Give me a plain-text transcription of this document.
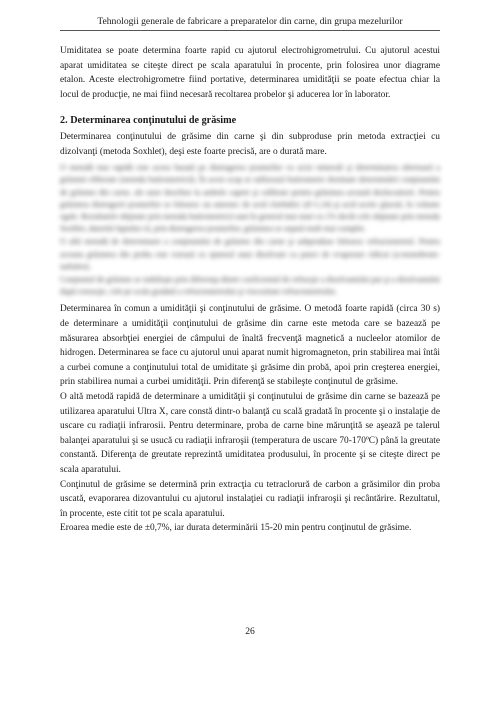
Tehnologii generale de fabricare a preparatelor din carne, din grupa mezelurilor

Umiditatea se poate determina foarte rapid cu ajutorul electrohigrometrului. Cu ajutorul acestui aparat umiditatea se citeşte direct pe scala aparatului în procente, prin folosirea unor diagrame etalon. Aceste electrohigrometre fiind portative, determinarea umidităţii se poate efectua chiar la locul de producţie, ne mai fiind necesară recoltarea probelor şi aducerea lor în laborator.

2. Determinarea conţinutului de grăsime

Determinarea conţinutului de grăsime din carne şi din subproduse prin metoda extracţiei cu dizolvanţi (metoda Soxhlet), deşi este foarte precisă, are o durată mare.

O metodă mai rapidă este aceea bazată pe distrugerea ţesuturilor cu acizi minerali şi determinarea ulterioară a grăsimii eliberate (metoda butirometrică). În acest scop se utilizează butirometre destinate determinării conţinutului de grăsime din carne, ale unor deschise la ambele capete şi calibrate pentru grăsimea această dezlocuitorii. Pentru grăsimea distrugerii ţesuturilor se folosesc un amestec de acid clorhidric (d=1,14) şi acid acetic glacial, în volume egale. Rezultatele obţinute prin metoda butirometrică sunt în general mai mari cu 1% decât cele obţinute prin metoda Soxhlet, datorită faptului că, prin distrugerea ţesuturilor, grăsimea se separă mult mai complet.

O altă metodă de determinare a conţinutului de grăsime din carne şi subproduse folosesc refractometrul. Pentru aceasta grăsimea din proba este extrasă cu ajutorul unui dizolvant cu punct de evaporare ridicat (a-monobrom- naftalen).

Conţinutul de grăsime se stabileşte prin diferenţa dintre coeficientul de refracţie a dizolvantului pur şi a dizolvantului după extracţie, citit pe scala gradată a refractometrului şi viscozitate refractometrului.

Determinarea în comun a umidităţii şi conţinutului de grăsime. O metodă foarte rapidă (circa 30 s) de determinare a umidităţii conţinutului de grăsime din carne este metoda care se bazează pe măsurarea absorbţiei energiei de câmpului de înaltă frecvenţă magnetică a nucleelor atomilor de hidrogen. Determinarea se face cu ajutorul unui aparat numit higromagneton, prin stabilirea mai întâi a curbei comune a conţinutului total de umiditate şi grăsime din probă, apoi prin creşterea energiei, prin stabilirea numai a curbei umidităţii. Prin diferenţă se stabileşte conţinutul de grăsime.

O altă metodă rapidă de determinare a umidităţii şi conţinutului de grăsime din carne se bazează pe utilizarea aparatului Ultra X, care constă dintr-o balanţă cu scală gradată în procente şi o instalaţie de uscare cu radiaţii infrarosii. Pentru determinare, proba de carne bine mărunţită se aşează pe talerul balanţei aparatului şi se usucă cu radiaţii infraroşii (temperatura de uscare 70-170ºC) până la greutate constantă. Diferenţa de greutate reprezintă umiditatea produsului, în procente şi se citeşte direct pe scala aparatului.

Conţinutul de grăsime se determină prin extracţia cu tetraclorură de carbon a grăsimilor din proba uscată, evaporarea dizovantului cu ajutorul instalaţiei cu radiaţii infraroşii şi recântărire. Rezultatul, în procente, este citit tot pe scala aparatului.

Eroarea medie este de ±0,7%, iar durata determinării 15-20 min pentru conţinutul de grăsime.

26
